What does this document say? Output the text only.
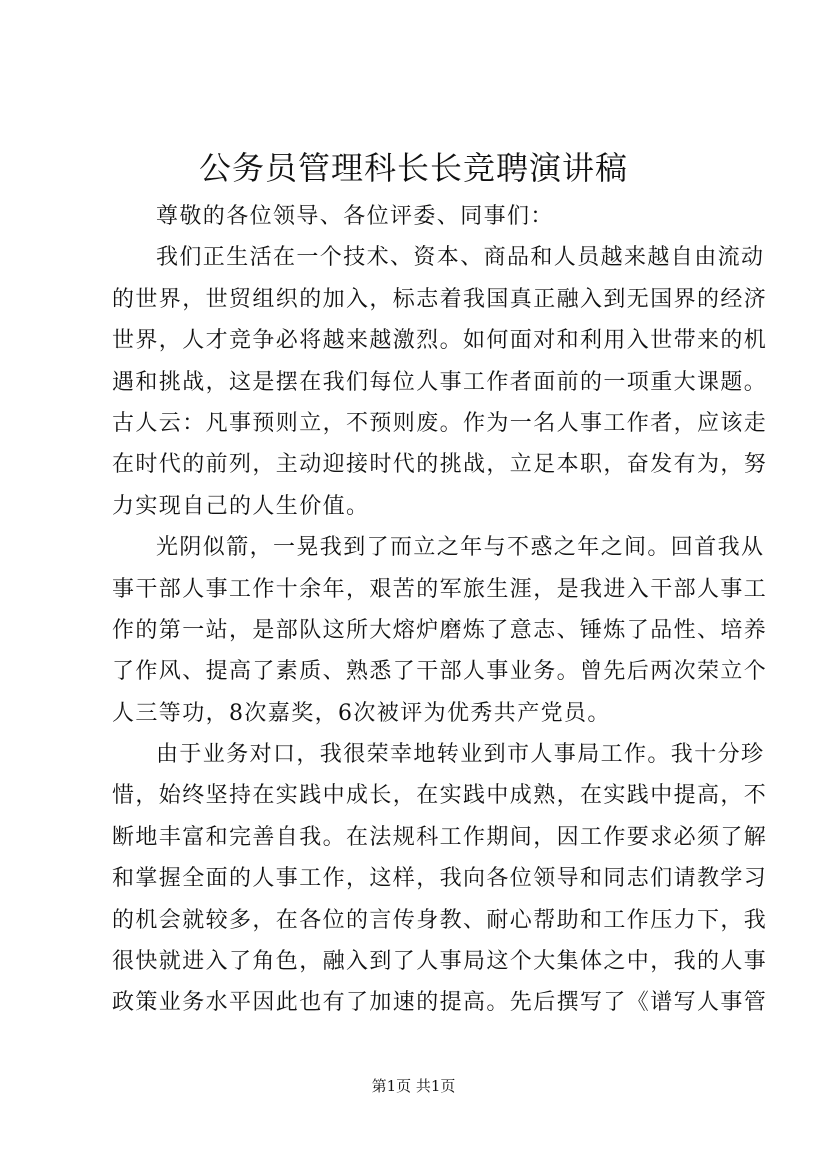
公务员管理科长长竞聘演讲稿
尊敬的各位领导、各位评委、同事们：
我们正生活在一个技术、资本、商品和人员越来越自由流动
的世界，世贸组织的加入，标志着我国真正融入到无国界的经济
世界，人才竞争必将越来越激烈。如何面对和利用入世带来的机
遇和挑战，这是摆在我们每位人事工作者面前的一项重大课题。
古人云：凡事预则立，不预则废。作为一名人事工作者，应该走
在时代的前列，主动迎接时代的挑战，立足本职，奋发有为，努
力实现自己的人生价值。
光阴似箭，一晃我到了而立之年与不惑之年之间。回首我从
事干部人事工作十余年，艰苦的军旅生涯，是我进入干部人事工
作的第一站，是部队这所大熔炉磨炼了意志、锤炼了品性、培养
了作风、提高了素质、熟悉了干部人事业务。曾先后两次荣立个
人三等功，8次嘉奖，6次被评为优秀共产党员。
由于业务对口，我很荣幸地转业到市人事局工作。我十分珍
惜，始终坚持在实践中成长，在实践中成熟，在实践中提高，不
断地丰富和完善自我。在法规科工作期间，因工作要求必须了解
和掌握全面的人事工作，这样，我向各位领导和同志们请教学习
的机会就较多，在各位的言传身教、耐心帮助和工作压力下，我
很快就进入了角色，融入到了人事局这个大集体之中，我的人事
政策业务水平因此也有了加速的提高。先后撰写了《谱写人事管
第1页 共1页
